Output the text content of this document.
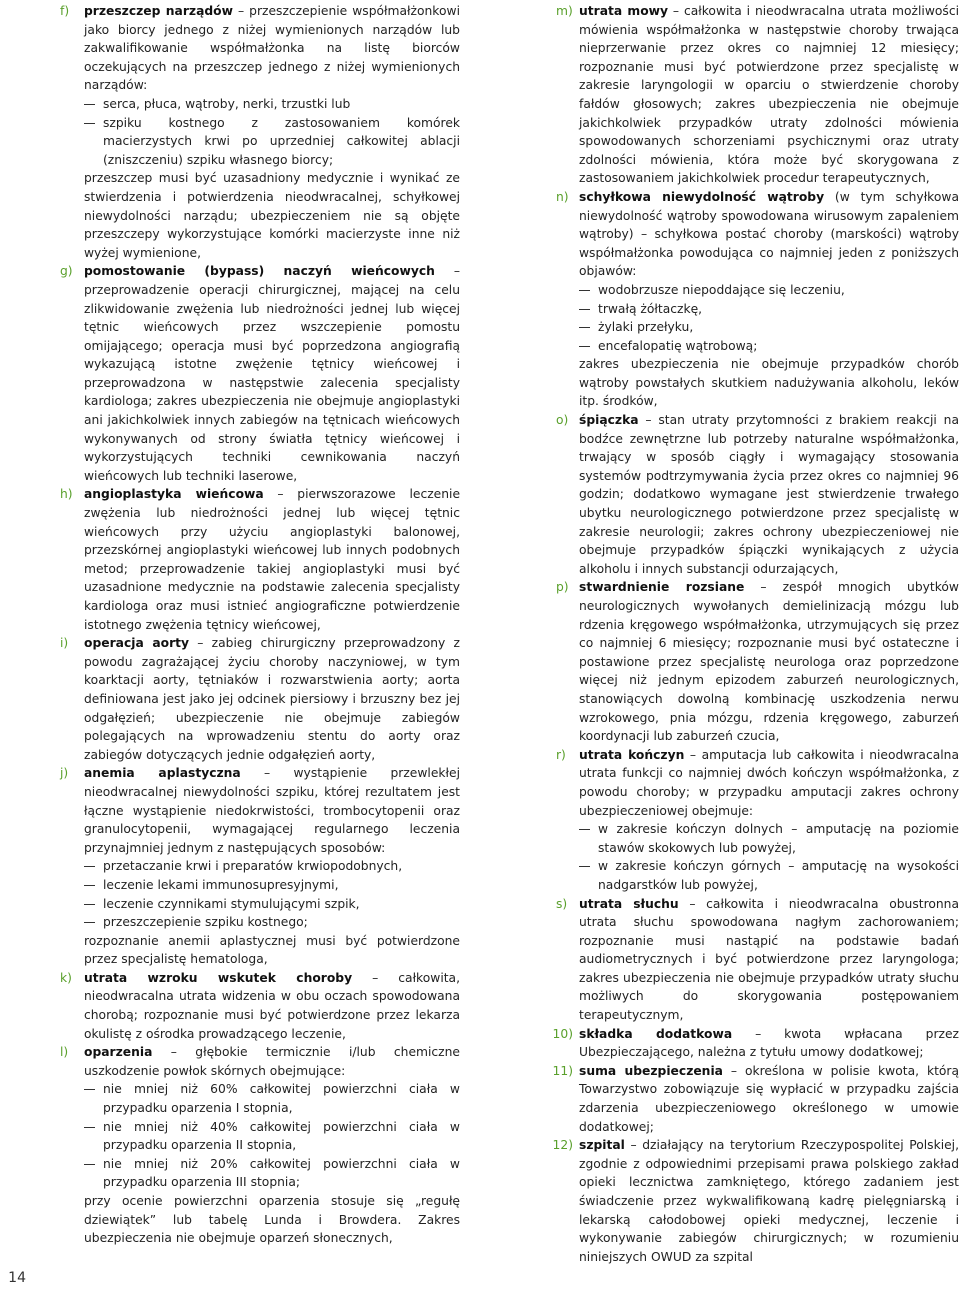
f)	przeszczep narządów – przeszczepienie współmałżonkowi jako biorcy jednego z niżej wymienionych narządów lub zakwalifikowanie współmałżonka na listę biorców oczekujących na przeszczep jednego z niżej wymienionych narządów:
serca, płuca, wątroby, nerki, trzustki lub
szpiku kostnego z zastosowaniem komórek macierzystych krwi po uprzedniej całkowitej ablacji (zniszczeniu) szpiku własnego biorcy;
przeszczep musi być uzasadniony medycznie i wynikać ze stwierdzenia i potwierdzenia nieodwracalnej, schyłkowej niewydolności narządu; ubezpieczeniem nie są objęte przeszczepy wykorzystujące komórki macierzyste inne niż wyżej wymienione,
g) pomostowanie (bypass) naczyń wieńcowych – przeprowadzenie operacji chirurgicznej, mającej na celu zlikwidowanie zwężenia lub niedrożności jednej lub więcej tętnic wieńcowych przez wszczepienie pomostu omijającego; operacja musi być poprzedzona angiografią wykazującą istotne zwężenie tętnicy wieńcowej i przeprowadzona w następstwie zalecenia specjalisty kardiologa; zakres ubezpieczenia nie obejmuje angioplastyki ani jakichkolwiek innych zabiegów na tętnicach wieńcowych wykonywanych od strony światła tętnicy wieńcowej i wykorzystujących techniki cewnikowania naczyń wieńcowych lub techniki laserowe,
h) angioplastyka wieńcowa – pierwszorazowe leczenie zwężenia lub niedrożności jednej lub więcej tętnic wieńcowych przy użyciu angioplastyki balonowej, przezskórnej angioplastyki wieńcowej lub innych podobnych metod; przeprowadzenie takiej angioplastyki musi być uzasadnione medycznie na podstawie zalecenia specjalisty kardiologa oraz musi istnieć angiograficzne potwierdzenie istotnego zwężenia tętnicy wieńcowej,
i)	operacja aorty – zabieg chirurgiczny przeprowadzony z powodu zagrażającej życiu choroby naczyniowej, w tym koarktacji aorty, tętniaków i rozwarstwienia aorty; aorta definiowana jest jako jej odcinek piersiowy i brzuszny bez jej odgałęzień; ubezpieczenie nie obejmuje zabiegów polegających na wprowadzeniu stentu do aorty oraz zabiegów dotyczących jednie odgałęzień aorty,
j)	anemia aplastyczna – wystąpienie przewlekłej nieodwracalnej niewydolności szpiku, której rezultatem jest łączne wystąpienie niedokrwistości, trombocytopenii oraz granulocytopenii, wymagającej regularnego leczenia przynajmniej jednym z następujących sposobów:
przetaczanie krwi i preparatów krwiopodobnych,
leczenie lekami immunosupresyjnymi,
leczenie czynnikami stymulującymi szpik,
przeszczepienie szpiku kostnego;
rozpoznanie anemii aplastycznej musi być potwierdzone przez specjalistę hematologa,
k) utrata wzroku wskutek choroby – całkowita, nieodwracalna utrata widzenia w obu oczach spowodowana chorobą; rozpoznanie musi być potwierdzone przez lekarza okulistę z ośrodka prowadzącego leczenie,
l)	oparzenia – głębokie termicznie i/lub chemiczne uszkodzenie powłok skórnych obejmujące:
nie mniej niż 60% całkowitej powierzchni ciała w przypadku oparzenia I stopnia,
nie mniej niż 40% całkowitej powierzchni ciała w przypadku oparzenia II stopnia,
nie mniej niż 20% całkowitej powierzchni ciała w przypadku oparzenia III stopnia;
przy ocenie powierzchni oparzenia stosuje się „regułę dziewiątek” lub tabelę Lunda i Browdera. Zakres ubezpieczenia nie obejmuje oparzeń słonecznych,
m) utrata mowy – całkowita i nieodwracalna utrata możliwości mówienia współmałżonka w następstwie choroby trwająca nieprzerwanie przez okres co najmniej 12 miesięcy; rozpoznanie musi być potwierdzone przez specjalistę w zakresie laryngologii w oparciu o stwierdzenie choroby fałdów głosowych; zakres ubezpieczenia nie obejmuje jakichkolwiek przypadków utraty zdolności mówienia spowodowanych schorzeniami psychicznymi oraz utraty zdolności mówienia, która może być skorygowana z zastosowaniem jakichkolwiek procedur terapeutycznych,
n) schyłkowa niewydolność wątroby (w tym schyłkowa niewydolność wątroby spowodowana wirusowym zapaleniem wątroby) – schyłkowa postać choroby (marskości) wątroby współmałżonka powodująca co najmniej jeden z poniższych objawów:
wodobrzusze niepoddające się leczeniu,
trwałą żółtaczkę,
żylaki przełyku,
encefalopatię wątrobową;
zakres ubezpieczenia nie obejmuje przypadków chorób wątroby powstałych skutkiem nadużywania alkoholu, leków itp. środków,
o) śpiączka – stan utraty przytomności z brakiem reakcji na bodźce zewnętrzne lub potrzeby naturalne współmałżonka, trwający w sposób ciągły i wymagający stosowania systemów podtrzymywania życia przez okres co najmniej 96 godzin; dodatkowo wymagane jest stwierdzenie trwałego ubytku neurologicznego potwierdzone przez specjalistę w zakresie neurologii; zakres ochrony ubezpieczeniowej nie obejmuje przypadków śpiączki wynikających z użycia alkoholu i innych substancji odurzających,
p) stwardnienie rozsiane – zespół mnogich ubytków neurologicznych wywołanych demielinizacją mózgu lub rdzenia kręgowego współmałżonka, utrzymujących się przez co najmniej 6 miesięcy; rozpoznanie musi być ostateczne i postawione przez specjalistę neurologa oraz poprzedzone więcej niż jednym epizodem zaburzeń neurologicznych, stanowiących dowolną kombinację uszkodzenia nerwu wzrokowego, pnia mózgu, rdzenia kręgowego, zaburzeń koordynacji lub zaburzeń czucia,
r)	utrata kończyn – amputacja lub całkowita i nieodwracalna utrata funkcji co najmniej dwóch kończyn współmałżonka, z powodu choroby; w przypadku amputacji zakres ochrony ubezpieczeniowej obejmuje:
w zakresie kończyn dolnych – amputację na poziomie stawów skokowych lub powyżej,
w zakresie kończyn górnych – amputację na wysokości nadgarstków lub powyżej,
s) utrata słuchu – całkowita i nieodwracalna obustronna utrata słuchu spowodowana nagłym zachorowaniem; rozpoznanie musi nastąpić na podstawie badań audiometrycznych i być potwierdzone przez laryngologa; zakres ubezpieczenia nie obejmuje przypadków utraty słuchu możliwych do skorygowania postępowaniem terapeutycznym,
10) składka dodatkowa – kwota wpłacana przez Ubezpieczającego, należna z tytułu umowy dodatkowej;
11) suma ubezpieczenia – określona w polisie kwota, którą Towarzystwo zobowiązuje się wypłacić w przypadku zajścia zdarzenia ubezpieczeniowego określonego w umowie dodatkowej;
12) szpital – działający na terytorium Rzeczypospolitej Polskiej, zgodnie z odpowiednimi przepisami prawa polskiego zakład opieki lecznictwa zamkniętego, którego zadaniem jest świadczenie przez wykwalifikowaną kadrę pielęgniarską i lekarską całodobowej opieki medycznej, leczenie i wykonywanie zabiegów chirurgicznych; w rozumieniu niniejszych OWUD za szpital
14
